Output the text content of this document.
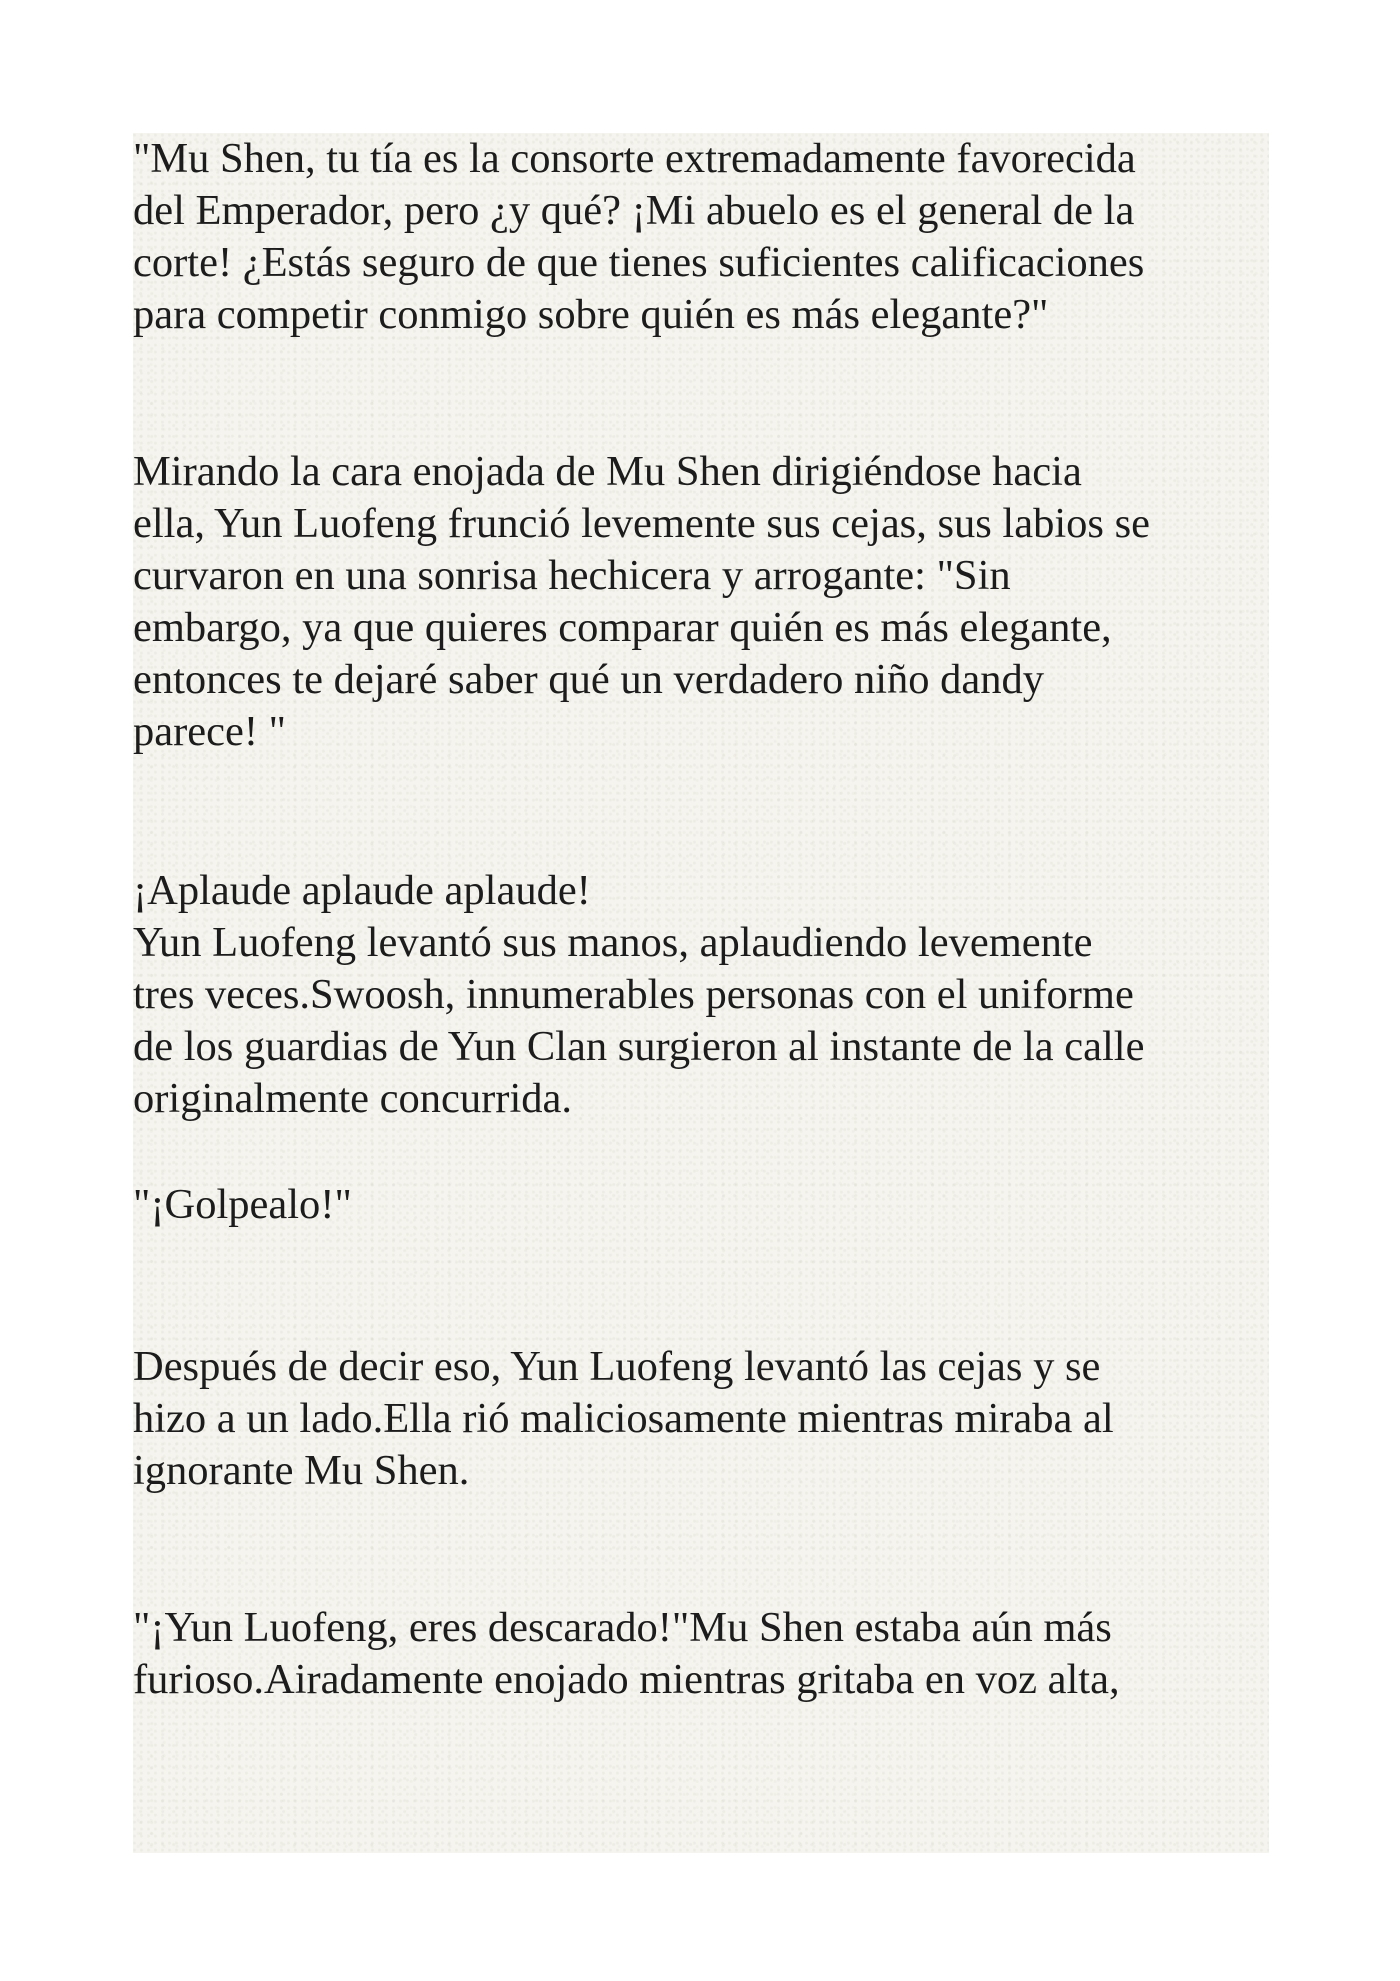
"Mu Shen, tu tía es la consorte extremadamente favorecida
del Emperador, pero ¿y qué? ¡Mi abuelo es el general de la
corte! ¿Estás seguro de que tienes suficientes calificaciones
para competir conmigo sobre quién es más elegante?"
Mirando la cara enojada de Mu Shen dirigiéndose hacia
ella, Yun Luofeng frunció levemente sus cejas, sus labios se
curvaron en una sonrisa hechicera y arrogante: "Sin
embargo, ya que quieres comparar quién es más elegante,
entonces te dejaré saber qué un verdadero niño dandy
parece! "
¡Aplaude aplaude aplaude!
Yun Luofeng levantó sus manos, aplaudiendo levemente
tres veces.Swoosh, innumerables personas con el uniforme
de los guardias de Yun Clan surgieron al instante de la calle
originalmente concurrida.
"¡Golpealo!"
Después de decir eso, Yun Luofeng levantó las cejas y se
hizo a un lado.Ella rió maliciosamente mientras miraba al
ignorante Mu Shen.
"¡Yun Luofeng, eres descarado!"Mu Shen estaba aún más
furioso.Airadamente enojado mientras gritaba en voz alta,
